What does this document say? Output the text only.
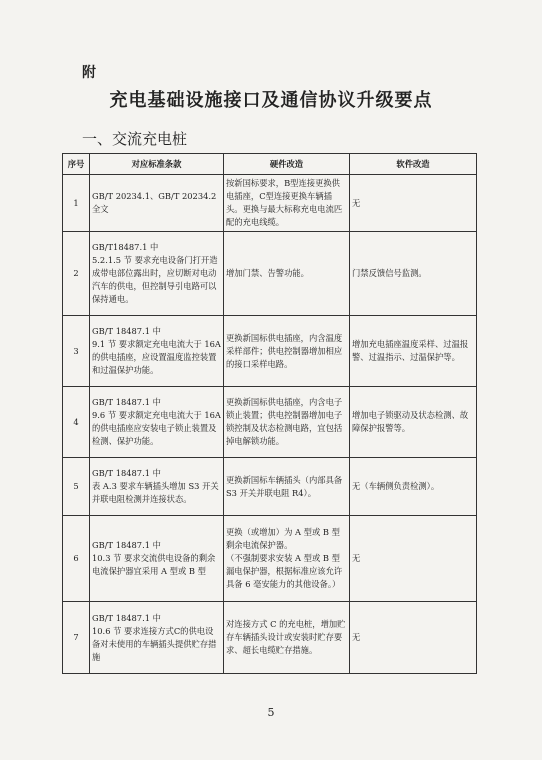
附
充电基础设施接口及通信协议升级要点
一、交流充电桩
序号	对应标准条款	硬件改造	软件改造
1	GB/T 20234.1、GB/T 20234.2
全文	按新国标要求，B型连接更换供电插座，C型连接更换车辆插头。更换与最大标称充电电流匹配的充电线缆。	无
2	GB/T18487.1 中
5.2.1.5 节 要求充电设备门打开造成带电部位露出时，应切断对电动汽车的供电，但控制导引电路可以保持通电。	增加门禁、告警功能。	门禁反馈信号监测。
3	GB/T 18487.1 中
9.1 节 要求额定充电电流大于 16A 的供电插座，应设置温度监控装置和过温保护功能。	更换新国标供电插座，内含温度采样部件；供电控制器增加相应的接口采样电路。	增加充电插座温度采样、过温报警、过温指示、过温保护等。
4	GB/T 18487.1 中
9.6 节 要求额定充电电流大于 16A 的供电插座应安装电子锁止装置及检测、保护功能。	更换新国标供电插座，内含电子锁止装置；供电控制器增加电子锁控制及状态检测电路，宜包括掉电解锁功能。	增加电子锁驱动及状态检测、故障保护报警等。
5	GB/T 18487.1 中
表 A.3 要求车辆插头增加 S3 开关并联电阻检测并连接状态。	更换新国标车辆插头（内部具备 S3 开关并联电阻 R4）。	无（车辆侧负责检测）。
6	GB/T 18487.1 中
10.3 节 要求交流供电设备的剩余电流保护器宜采用 A 型或 B 型	更换（或增加）为 A 型或 B 型剩余电流保护器。
（不强制要求安装 A 型或 B 型漏电保护器，根据标准应该允许具备 6 毫安能力的其他设备。）	无
7	GB/T 18487.1 中
10.6 节 要求连接方式C的供电设备对未使用的车辆插头提供贮存措施	对连接方式 C 的充电桩，增加贮存车辆插头设计或安装时贮存要求、超长电缆贮存措施。	无
5
